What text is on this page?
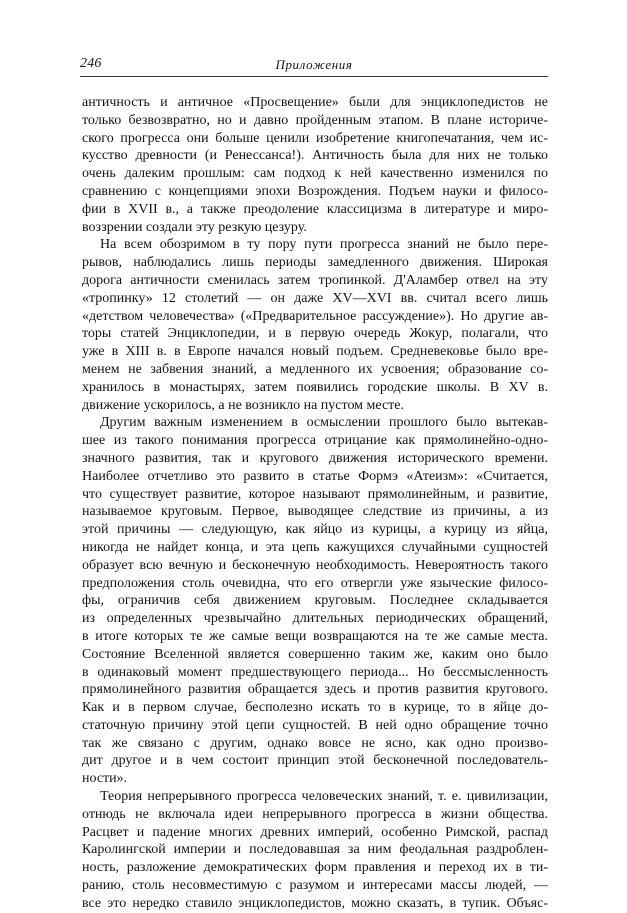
246	Приложения
античность и античное «Просвещение» были для энциклопедистов не
только безвозвратно, но и давно пройденным этапом. В плане историче-
ского прогресса они больше ценили изобретение книгопечатания, чем ис-
кусство древности (и Ренессанса!). Античность была для них не только
очень далеким прошлым: сам подход к ней качественно изменился по
сравнению с концепциями эпохи Возрождения. Подъем науки и филосо-
фии в XVII в., а также преодоление классицизма в литературе и миро-
воззрении создали эту резкую цезуру.
На всем обозримом в ту пору пути прогресса знаний не было пере-
рывов, наблюдались лишь периоды замедленного движения. Широкая
дорога античности сменилась затем тропинкой. Д'Аламбер отвел на эту
«тропинку» 12 столетий — он даже XV—XVI вв. считал всего лишь
«детством человечества» («Предварительное рассуждение»). Но другие ав-
торы статей Энциклопедии, и в первую очередь Жокур, полагали, что
уже в XIII в. в Европе начался новый подъем. Средневековье было вре-
менем не забвения знаний, а медленного их усвоения; образование со-
хранилось в монастырях, затем появились городские школы. В XV в.
движение ускорилось, а не возникло на пустом месте.
Другим важным изменением в осмыслении прошлого было вытекав-
шее из такого понимания прогресса отрицание как прямолинейно-одно-
значного развития, так и кругового движения исторического времени.
Наиболее отчетливо это развито в статье Формэ «Атеизм»: «Считается,
что существует развитие, которое называют прямолинейным, и развитие,
называемое круговым. Первое, выводящее следствие из причины, а из
этой причины — следующую, как яйцо из курицы, а курицу из яйца,
никогда не найдет конца, и эта цепь кажущихся случайными сущностей
образует всю вечную и бесконечную необходимость. Невероятность такого
предположения столь очевидна, что его отвергли уже языческие филосо-
фы, ограничив себя движением круговым. Последнее складывается
из определенных чрезвычайно длительных периодических обращений,
в итоге которых те же самые вещи возвращаются на те же самые места.
Состояние Вселенной является совершенно таким же, каким оно было
в одинаковый момент предшествующего периода... Но бессмысленность
прямолинейного развития обращается здесь и против развития кругового.
Как и в первом случае, бесполезно искать то в курице, то в яйце до-
статочную причину этой цепи сущностей. В ней одно обращение точно
так же связано с другим, однако вовсе не ясно, как одно произво-
дит другое и в чем состоит принцип этой бесконечной последователь-
ности».
Теория непрерывного прогресса человеческих знаний, т. е. цивилизации,
отнюдь не включала идеи непрерывного прогресса в жизни общества.
Расцвет и падение многих древних империй, особенно Римской, распад
Каролингской империи и последовавшая за ним феодальная раздроблен-
ность, разложение демократических форм правления и переход их в ти-
ранию, столь несовместимую с разумом и интересами массы людей, —
все это нередко ставило энциклопедистов, можно сказать, в тупик. Объяс-
